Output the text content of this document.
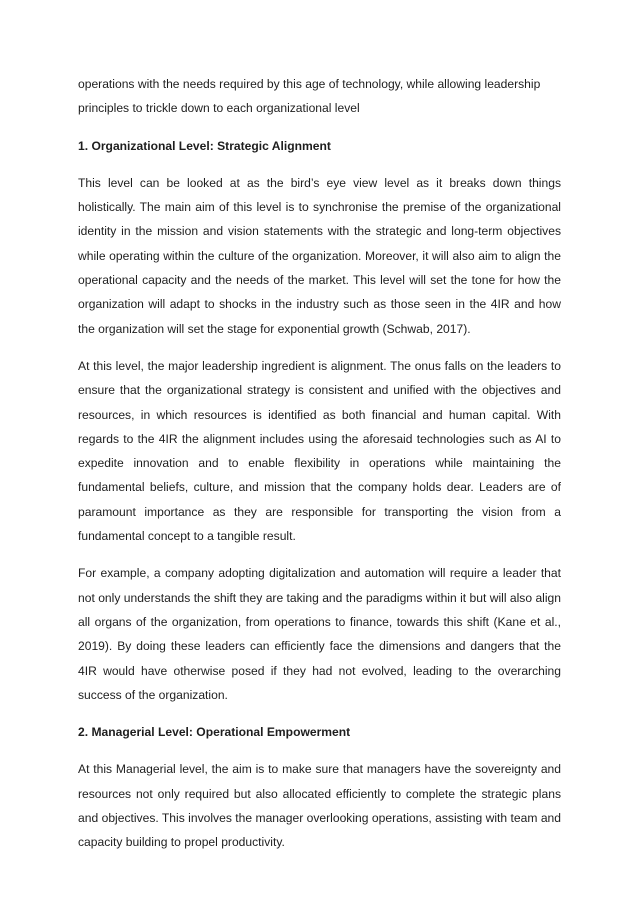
operations with the needs required by this age of technology, while allowing leadership principles to trickle down to each organizational level

1. Organizational Level: Strategic Alignment

This level can be looked at as the bird’s eye view level as it breaks down things holistically. The main aim of this level is to synchronise the premise of the organizational identity in the mission and vision statements with the strategic and long-term objectives while operating within the culture of the organization. Moreover, it will also aim to align the operational capacity and the needs of the market. This level will set the tone for how the organization will adapt to shocks in the industry such as those seen in the 4IR and how the organization will set the stage for exponential growth (Schwab, 2017).

At this level, the major leadership ingredient is alignment. The onus falls on the leaders to ensure that the organizational strategy is consistent and unified with the objectives and resources, in which resources is identified as both financial and human capital. With regards to the 4IR the alignment includes using the aforesaid technologies such as AI to expedite innovation and to enable flexibility in operations while maintaining the fundamental beliefs, culture, and mission that the company holds dear. Leaders are of paramount importance as they are responsible for transporting the vision from a fundamental concept to a tangible result.

For example, a company adopting digitalization and automation will require a leader that not only understands the shift they are taking and the paradigms within it but will also align all organs of the organization, from operations to finance, towards this shift (Kane et al., 2019). By doing these leaders can efficiently face the dimensions and dangers that the 4IR would have otherwise posed if they had not evolved, leading to the overarching success of the organization.

2. Managerial Level: Operational Empowerment

At this Managerial level, the aim is to make sure that managers have the sovereignty and resources not only required but also allocated efficiently to complete the strategic plans and objectives. This involves the manager overlooking operations, assisting with team and capacity building to propel productivity.
